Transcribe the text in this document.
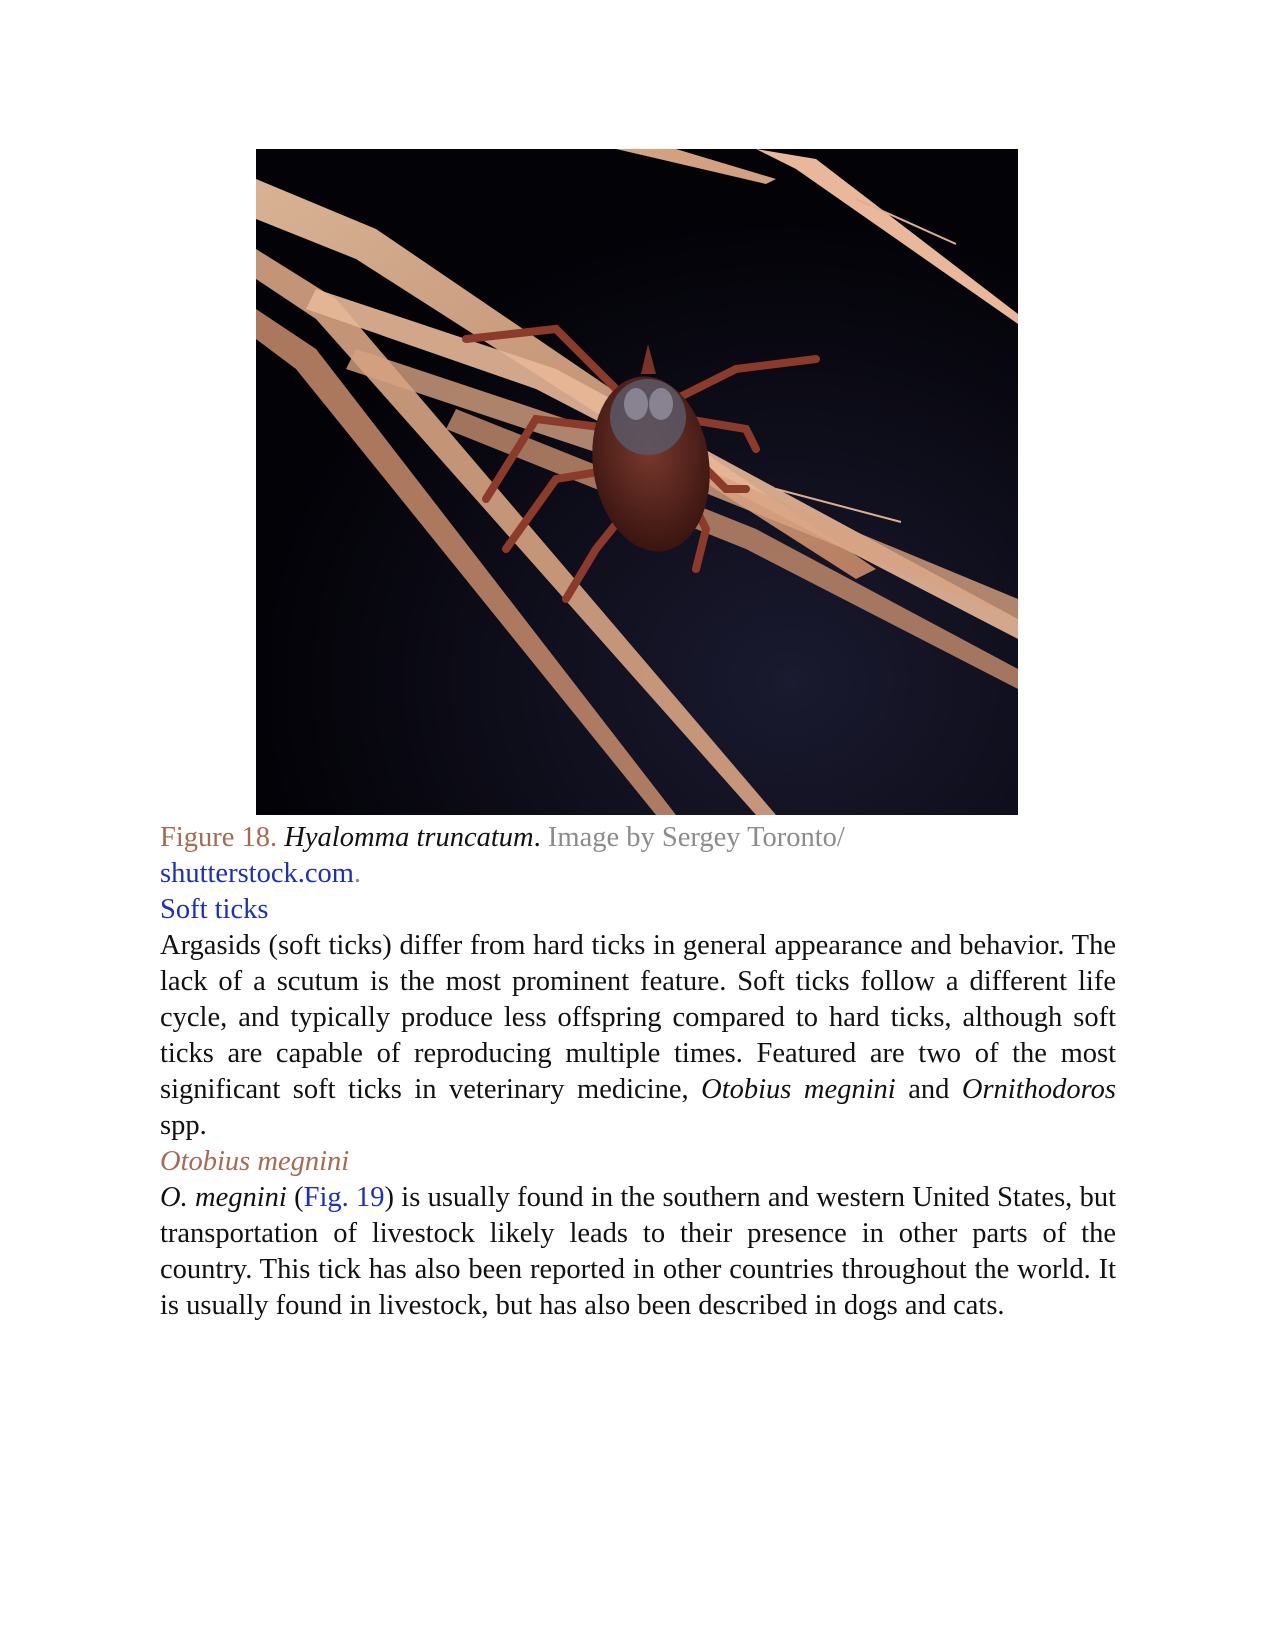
Figure 18. Hyalomma truncatum. Image by Sergey Toronto/
shutterstock.com.

Soft ticks

Argasids (soft ticks) differ from hard ticks in general appearance and behavior. The lack of a scutum is the most prominent feature. Soft ticks follow a different life cycle, and typically produce less offspring compared to hard ticks, although soft ticks are capable of reproducing multiple times. Featured are two of the most significant soft ticks in veterinary medicine, Otobius megnini and Ornithodoros spp.

Otobius megnini

O. megnini (Fig. 19) is usually found in the southern and western United States, but transportation of livestock likely leads to their presence in other parts of the country. This tick has also been reported in other countries throughout the world. It is usually found in livestock, but has also been described in dogs and cats.
